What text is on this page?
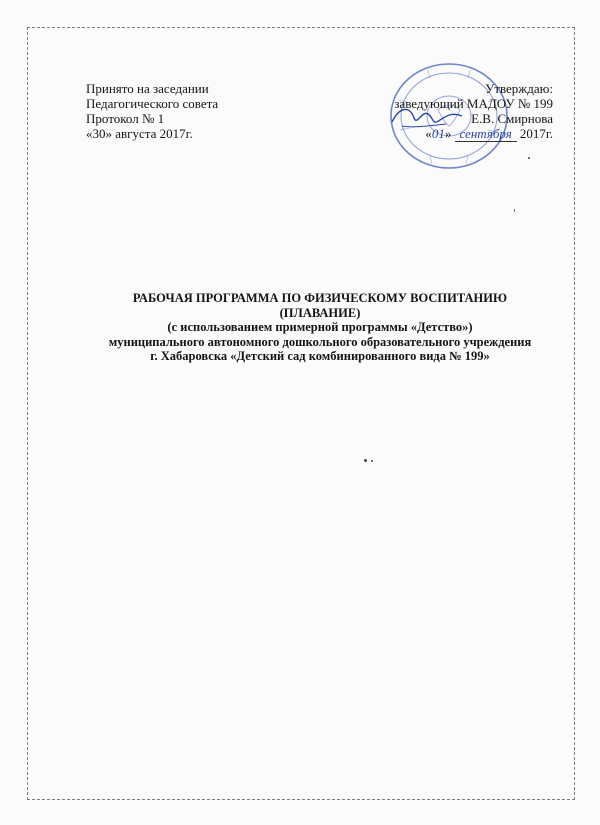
Принято на заседании
Педагогического совета
Протокол № 1
«30» августа 2017г.
Утверждаю:
заведующий МАДОУ № 199
Е.В. Смирнова
«01» сентября 2017г.
РАБОЧАЯ ПРОГРАММА ПО ФИЗИЧЕСКОМУ ВОСПИТАНИЮ
(ПЛАВАНИЕ)
(с использованием примерной программы «Детство»)
муниципального автономного дошкольного образовательного учреждения
г. Хабаровска «Детский сад комбинированного вида № 199»
